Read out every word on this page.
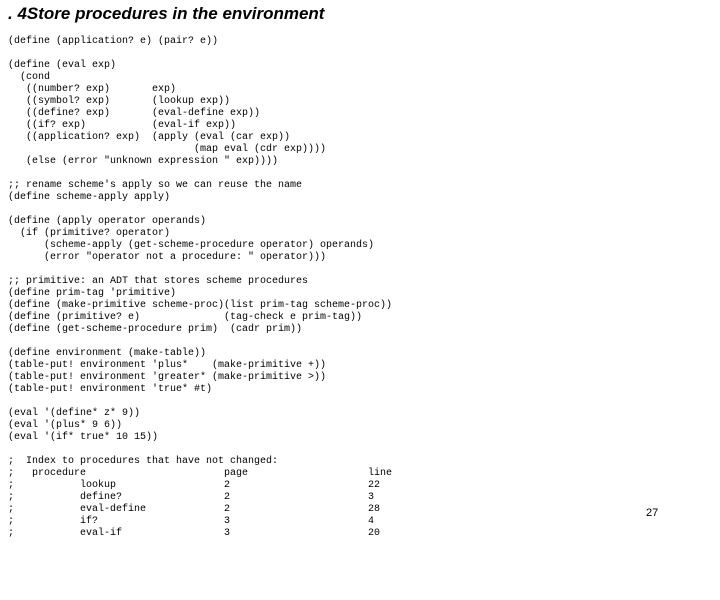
. 4Store procedures in the environment
(define (application? e) (pair? e))
(define (eval exp)
(cond
((number? exp)       exp)
((symbol? exp)       (lookup exp))
((define? exp)       (eval-define exp))
((if? exp)           (eval-if exp))
((application? exp)  (apply (eval (car exp))
(map eval (cdr exp))))
(else (error "unknown expression " exp))))
;; rename scheme's apply so we can reuse the name
(define scheme-apply apply)
(define (apply operator operands)
(if (primitive? operator)
(scheme-apply (get-scheme-procedure operator) operands)
(error "operator not a procedure: " operator)))
;; primitive: an ADT that stores scheme procedures
(define prim-tag 'primitive)
(define (make-primitive scheme-proc)(list prim-tag scheme-proc))
(define (primitive? e)              (tag-check e prim-tag))
(define (get-scheme-procedure prim)  (cadr prim))
(define environment (make-table))
(table-put! environment 'plus*    (make-primitive +))
(table-put! environment 'greater* (make-primitive >))
(table-put! environment 'true* #t)
(eval '(define* z* 9))
(eval '(plus* 9 6))
(eval '(if* true* 10 15))
;  Index to procedures that have not changed:

;

procedure

	page

	line

;

	lookup

	2

	22

;

	define?

	2

	3

;

	eval-define

	2

	28

;

	if?

	3

	4

;

	eval-if

	3

	20

27
